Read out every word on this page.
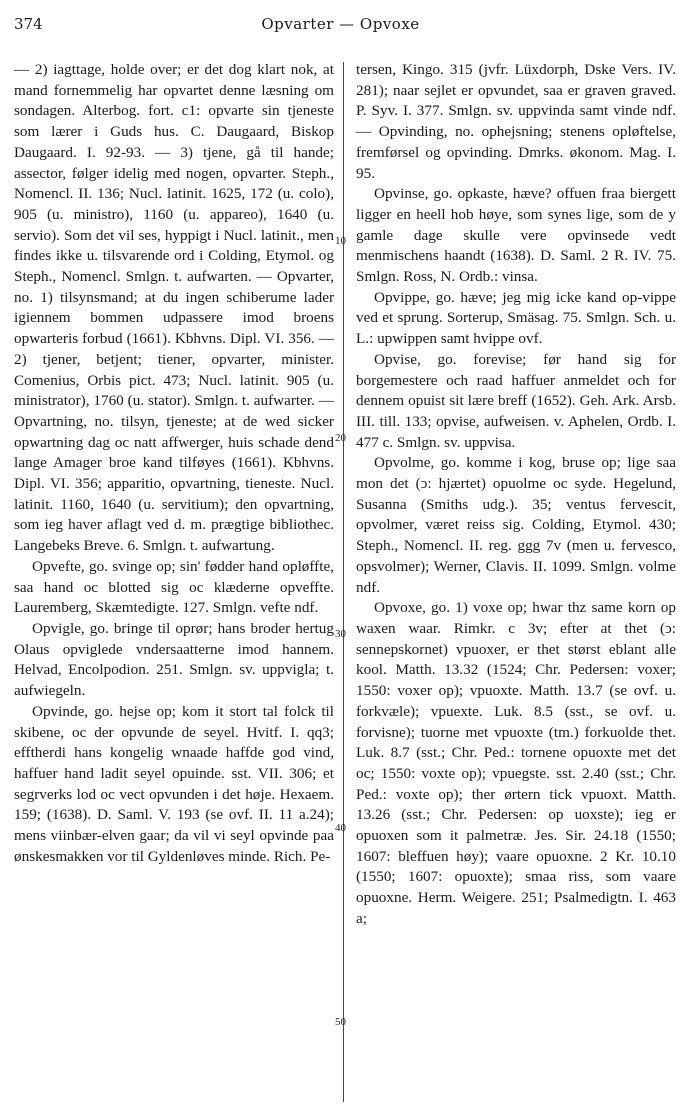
374	Opvarter — Opvoxe

— 2) iagttage, holde over; er det dog klart nok, at mand fornemmelig har opvartet denne læsning om sondagen. Alterbog. fort. c1: opvarte sin tjeneste som lærer i Guds hus. C. Daugaard, Biskop Daugaard. I. 92-93. — 3) tjene, gå til hande; assector, følger idelig med nogen, opvarter. Steph., Nomencl. II. 136; Nucl. latinit. 1625, 172 (u. colo), 905 (u. ministro), 1160 (u. appareo), 1640 (u. servio). Som det vil ses, hyppigt i Nucl. latinit., men findes ikke u. tilsvarende ord i Colding, Etymol. og Steph., Nomencl. Smlgn. t. aufwarten. — Opvarter, no. 1) tilsynsmand; at du ingen schiberume lader igiennem bommen udpassere imod broens opwarteris forbud (1661). Kbhvns. Dipl. VI. 356. — 2) tjener, betjent; tiener, opvarter, minister. Comenius, Orbis pict. 473; Nucl. latinit. 905 (u. ministrator), 1760 (u. stator). Smlgn. t. aufwarter. — Opvartning, no. tilsyn, tjeneste; at de wed sicker opwartning dag oc natt affwerger, huis schade dend lange Amager broe kand tilføyes (1661). Kbhvns. Dipl. VI. 356; apparitio, opvartning, tieneste. Nucl. latinit. 1160, 1640 (u. servitium); den opvartning, som ieg haver aflagt ved d. m. prægtige bibliothec. Langebeks Breve. 6. Smlgn. t. aufwartung.

Opvefte, go. svinge op; sin' fødder hand opløffte, saa hand oc blotted sig oc klæderne opveffte. Lauremberg, Skæmtedigte. 127. Smlgn. vefte ndf.

Opvigle, go. bringe til oprør; hans broder hertug Olaus opviglede vndersaatterne imod hannem. Helvad, Encolpodion. 251. Smlgn. sv. uppvigla; t. aufwiegeln.

Opvinde, go. hejse op; kom it stort tal folck til skibene, oc der opvunde de seyel. Hvitf. I. qq3; efftherdi hans kongelig wnaade haffde god vind, haffuer hand ladit seyel opuinde. sst. VII. 306; et segrverks lod oc vect opvunden i det høje. Hexaem. 159; (1638). D. Saml. V. 193 (se ovf. II. 11 a.24); mens viinbær-elven gaar; da vil vi seyl opvinde paa ønskesmakken vor til Gyldenløves minde. Rich. Pe-

10
20
30
40
50

tersen, Kingo. 315 (jvfr. Lüxdorph, Dske Vers. IV. 281); naar sejlet er opvundet, saa er graven graved. P. Syv. I. 377. Smlgn. sv. uppvinda samt vinde ndf. — Opvinding, no. ophejsning; stenens opløftelse, fremførsel og opvinding. Dmrks. økonom. Mag. I. 95.

Opvinse, go. opkaste, hæve? offuen fraa biergett ligger en heell hob høye, som synes lige, som de y gamle dage skulle vere opvinsede vedt menmischens haandt (1638). D. Saml. 2 R. IV. 75. Smlgn. Ross, N. Ordb.: vinsa.

Opvippe, go. hæve; jeg mig icke kand op-vippe ved et sprung. Sorterup, Smäsag. 75. Smlgn. Sch. u. L.: upwippen samt hvippe ovf.

Opvise, go. forevise; før hand sig for borgemestere och raad haffuer anmeldet och for dennem opuist sit lære breff (1652). Geh. Ark. Arsb. III. till. 133; opvise, aufweisen. v. Aphelen, Ordb. I. 477 c. Smlgn. sv. uppvisa.

Opvolme, go. komme i kog, bruse op; lige saa mon det (ↄ: hjærtet) opuolme oc syde. Hegelund, Susanna (Smiths udg.). 35; ventus fervescit, opvolmer, været reiss sig. Colding, Etymol. 430; Steph., Nomencl. II. reg. ggg 7v (men u. fervesco, opsvolmer); Werner, Clavis. II. 1099. Smlgn. volme ndf.

Opvoxe, go. 1) voxe op; hwar thz same korn op waxen waar. Rimkr. c 3v; efter at thet (ↄ: sennepskornet) vpuoxer, er thet størst eblant alle kool. Matth. 13.32 (1524; Chr. Pedersen: voxer; 1550: voxer op); vpuoxte. Matth. 13.7 (se ovf. u. forkvæle); vpuexte. Luk. 8.5 (sst., se ovf. u. forvisne); tuorne met vpuoxte (tm.) forkuolde thet. Luk. 8.7 (sst.; Chr. Ped.: tornene opuoxte met det oc; 1550: voxte op); vpuegste. sst. 2.40 (sst.; Chr. Ped.: voxte op); ther ørtern tick vpuoxt. Matth. 13.26 (sst.; Chr. Pedersen: op uoxste); ieg er opuoxen som it palmetræ. Jes. Sir. 24.18 (1550; 1607: bleffuen høy); vaare opuoxne. 2 Kr. 10.10 (1550; 1607: opuoxte); smaa riss, som vaare opuoxne. Herm. Weigere. 251; Psalmedigtn. I. 463 a;
